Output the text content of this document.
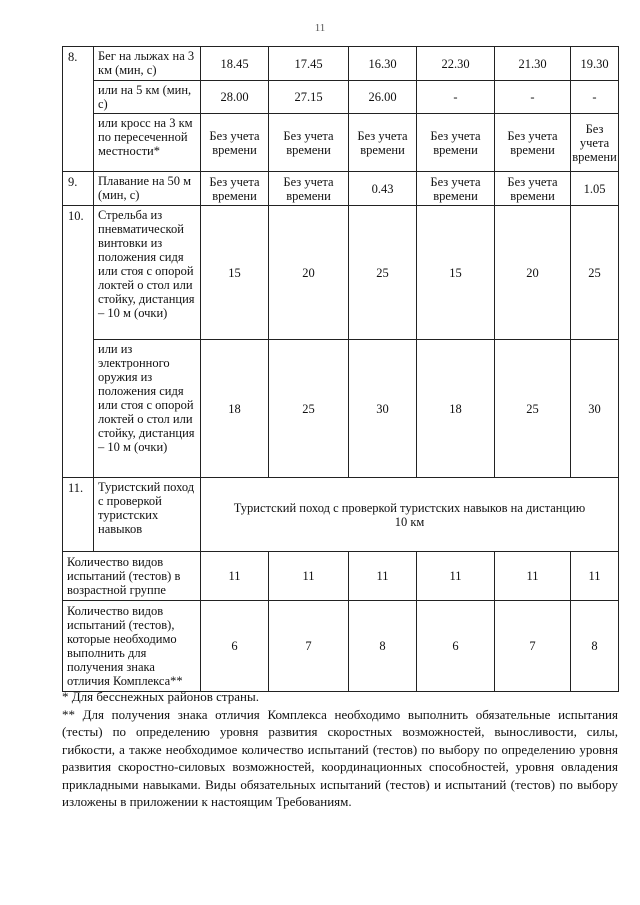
11
8.	Бег на лыжах на 3 км (мин, с)	18.45	17.45	16.30	22.30	21.30	19.30
	или на 5 км (мин, с)	28.00	27.15	26.00	-	-	-
	или кросс на 3 км по пересеченной местности*	Без учета времени	Без учета времени	Без учета времени	Без учета времени	Без учета времени	Без учета времени
9.	Плавание на 50 м (мин, с)	Без учета времени	Без учета времени	0.43	Без учета времени	Без учета времени	1.05
10.	Стрельба из пневматической винтовки из положения сидя или стоя с опорой локтей о стол или стойку, дистанция – 10 м (очки)	15	20	25	15	20	25
	или из электронного оружия из положения сидя или стоя с опорой локтей о стол или стойку, дистанция – 10 м (очки)	18	25	30	18	25	30
11.	Туристский поход с проверкой туристских навыков	Туристский поход с проверкой туристских навыков на дистанцию 10 км					
Количество видов испытаний (тестов) в возрастной группе		11	11	11	11	11	11
Количество видов испытаний (тестов), которые необходимо выполнить для получения знака отличия Комплекса**		6	7	8	6	7	8

* Для бесснежных районов страны.

** Для получения знака отличия Комплекса необходимо выполнить обязательные испытания (тесты) по определению уровня развития скоростных возможностей, выносливости, силы, гибкости, а также необходимое количество испытаний (тестов) по выбору по определению уровня развития скоростно-силовых возможностей, координационных способностей, уровня овладения прикладными навыками. Виды обязательных испытаний (тестов) и испытаний (тестов) по выбору изложены в приложении к настоящим Требованиям.
